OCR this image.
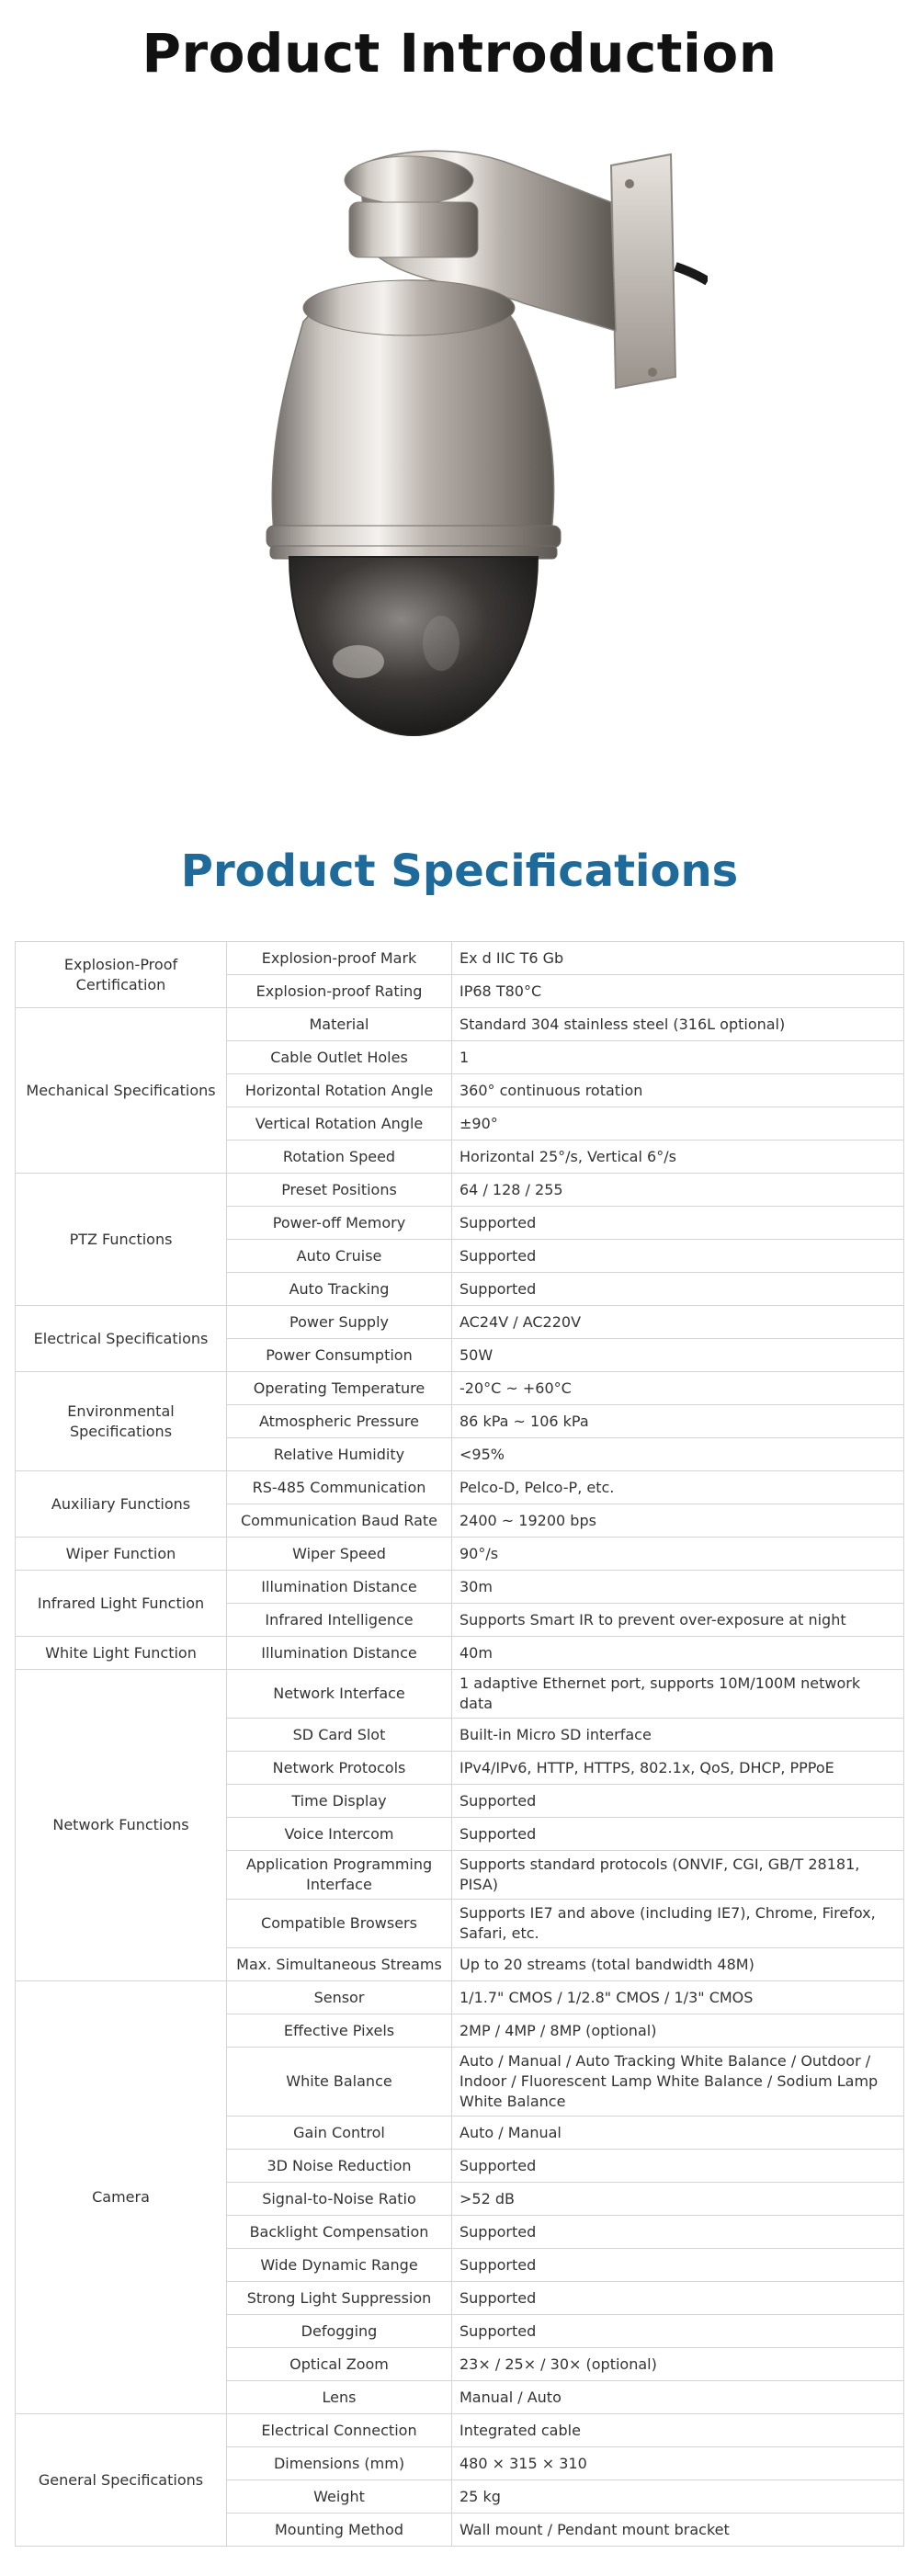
Product Introduction
Product Specifications
Explosion-Proof Certification	Explosion-proof Mark	Ex d IIC T6 Gb
	Explosion-proof Rating	IP68 T80°C
Mechanical Specifications	Material	Standard 304 stainless steel (316L optional)
	Cable Outlet Holes	1
	Horizontal Rotation Angle	360° continuous rotation
	Vertical Rotation Angle	±90°
	Rotation Speed	Horizontal 25°/s, Vertical 6°/s
PTZ Functions	Preset Positions	64 / 128 / 255
	Power-off Memory	Supported
	Auto Cruise	Supported
	Auto Tracking	Supported
Electrical Specifications	Power Supply	AC24V / AC220V
	Power Consumption	50W
Environmental Specifications	Operating Temperature	-20°C ~ +60°C
	Atmospheric Pressure	86 kPa ~ 106 kPa
	Relative Humidity	<95%
Auxiliary Functions	RS-485 Communication	Pelco-D, Pelco-P, etc.
	Communication Baud Rate	2400 ~ 19200 bps
Wiper Function	Wiper Speed	90°/s
Infrared Light Function	Illumination Distance	30m
	Infrared Intelligence	Supports Smart IR to prevent over-exposure at night
White Light Function	Illumination Distance	40m
Network Functions	Network Interface	1 adaptive Ethernet port, supports 10M/100M network data
	SD Card Slot	Built-in Micro SD interface
	Network Protocols	IPv4/IPv6, HTTP, HTTPS, 802.1x, QoS, DHCP, PPPoE
	Time Display	Supported
	Voice Intercom	Supported
	Application Programming Interface	Supports standard protocols (ONVIF, CGI, GB/T 28181, PISA)
	Compatible Browsers	Supports IE7 and above (including IE7), Chrome, Firefox, Safari, etc.
	Max. Simultaneous Streams	Up to 20 streams (total bandwidth 48M)
Camera	Sensor	1/1.7" CMOS / 1/2.8" CMOS / 1/3" CMOS
	Effective Pixels	2MP / 4MP / 8MP (optional)
	White Balance	Auto / Manual / Auto Tracking White Balance / Outdoor / Indoor / Fluorescent Lamp White Balance / Sodium Lamp White Balance
	Gain Control	Auto / Manual
	3D Noise Reduction	Supported
	Signal-to-Noise Ratio	>52 dB
	Backlight Compensation	Supported
	Wide Dynamic Range	Supported
	Strong Light Suppression	Supported
	Defogging	Supported
	Optical Zoom	23× / 25× / 30× (optional)
	Lens	Manual / Auto
General Specifications	Electrical Connection	Integrated cable
	Dimensions (mm)	480 × 315 × 310
	Weight	25 kg
	Mounting Method	Wall mount / Pendant mount bracket
